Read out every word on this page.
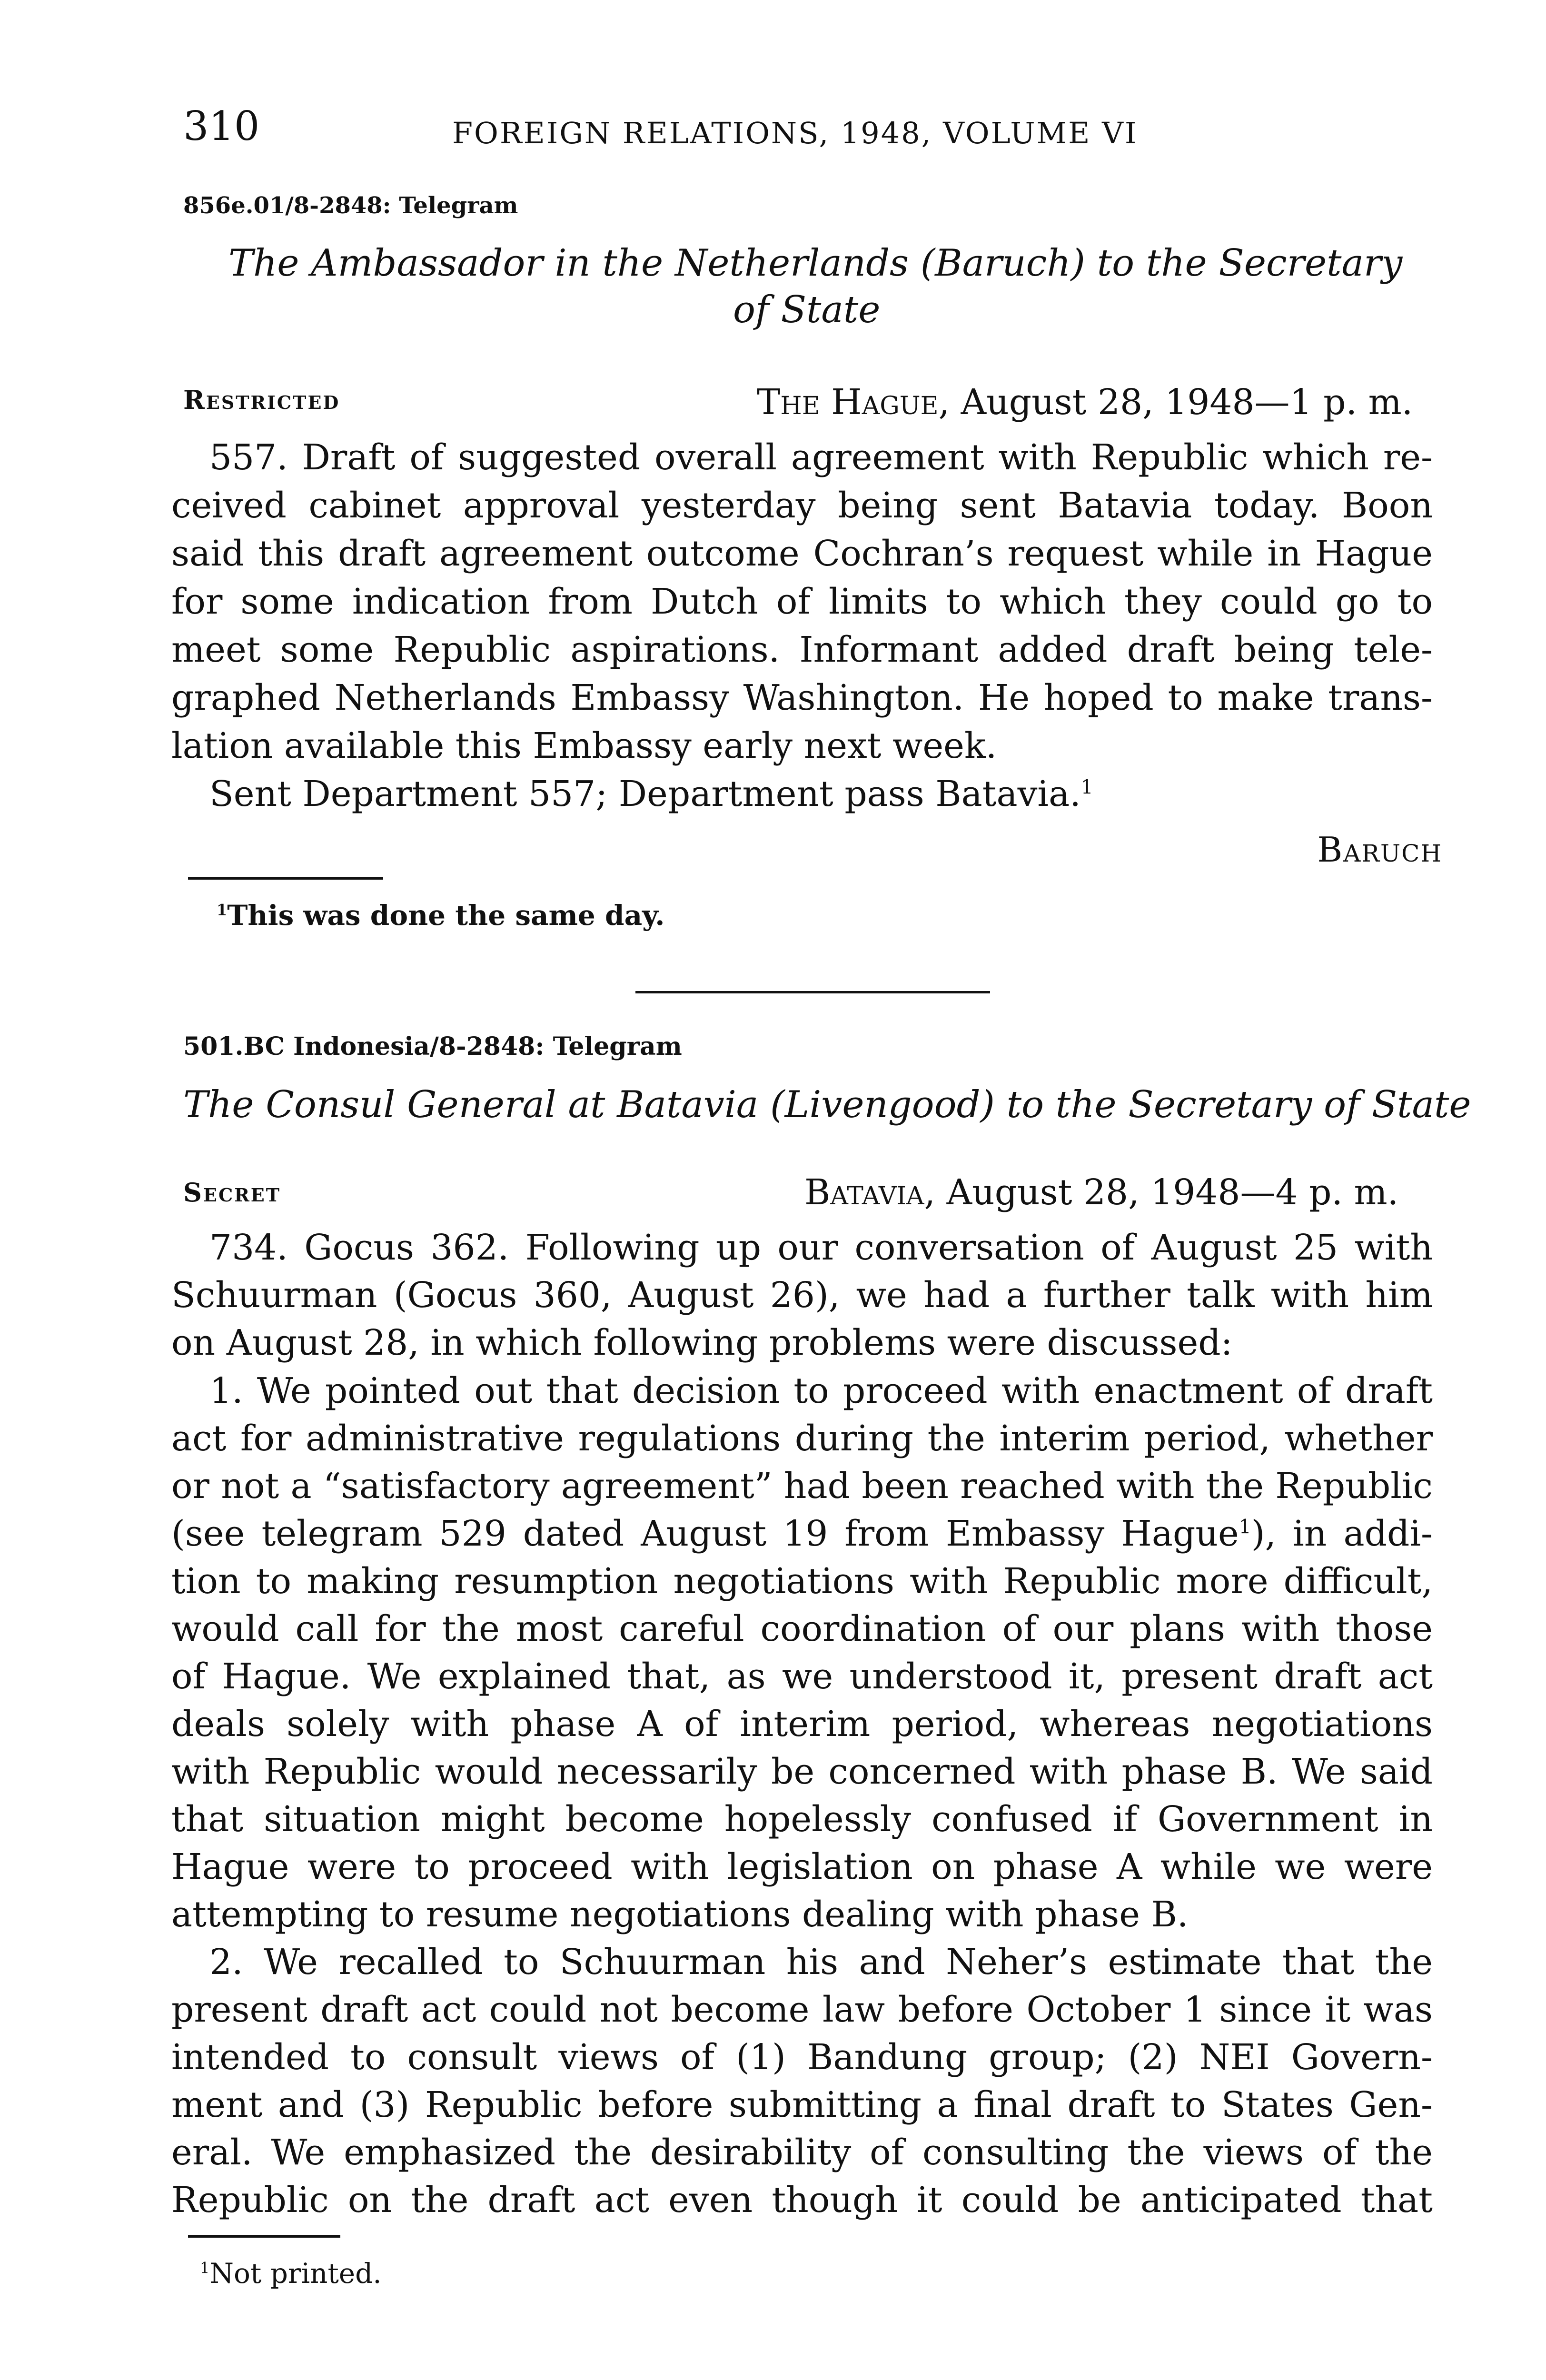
310	FOREIGN RELATIONS, 1948, VOLUME VI
856e.01/8-2848: Telegram
The Ambassador in the Netherlands (Baruch) to the Secretary
of State
Restricted	The Hague, August 28, 1948—1 p. m.
557. Draft of suggested overall agreement with Republic which re-
ceived cabinet approval yesterday being sent Batavia today. Boon
said this draft agreement outcome Cochran’s request while in Hague
for some indication from Dutch of limits to which they could go to
meet some Republic aspirations. Informant added draft being tele-
graphed Netherlands Embassy Washington. He hoped to make trans-
lation available this Embassy early next week.
Sent Department 557; Department pass Batavia.$^1$
Baruch
$^1$This was done the same day.
501.BC Indonesia/8-2848: Telegram
The Consul General at Batavia (Livengood) to the Secretary of State
Secret	Batavia, August 28, 1948—4 p. m.
734. Gocus 362. Following up our conversation of August 25 with
Schuurman (Gocus 360, August 26), we had a further talk with him
on August 28, in which following problems were discussed:
1. We pointed out that decision to proceed with enactment of draft
act for administrative regulations during the interim period, whether
or not a “satisfactory agreement” had been reached with the Republic
(see telegram 529 dated August 19 from Embassy Hague$^1$), in addi-
tion to making resumption negotiations with Republic more difficult,
would call for the most careful coordination of our plans with those
of Hague. We explained that, as we understood it, present draft act
deals solely with phase A of interim period, whereas negotiations
with Republic would necessarily be concerned with phase B. We said
that situation might become hopelessly confused if Government in
Hague were to proceed with legislation on phase A while we were
attempting to resume negotiations dealing with phase B.
2. We recalled to Schuurman his and Neher’s estimate that the
present draft act could not become law before October 1 since it was
intended to consult views of (1) Bandung group; (2) NEI Govern-
ment and (3) Republic before submitting a final draft to States Gen-
eral. We emphasized the desirability of consulting the views of the
Republic on the draft act even though it could be anticipated that
$^1$Not printed.
